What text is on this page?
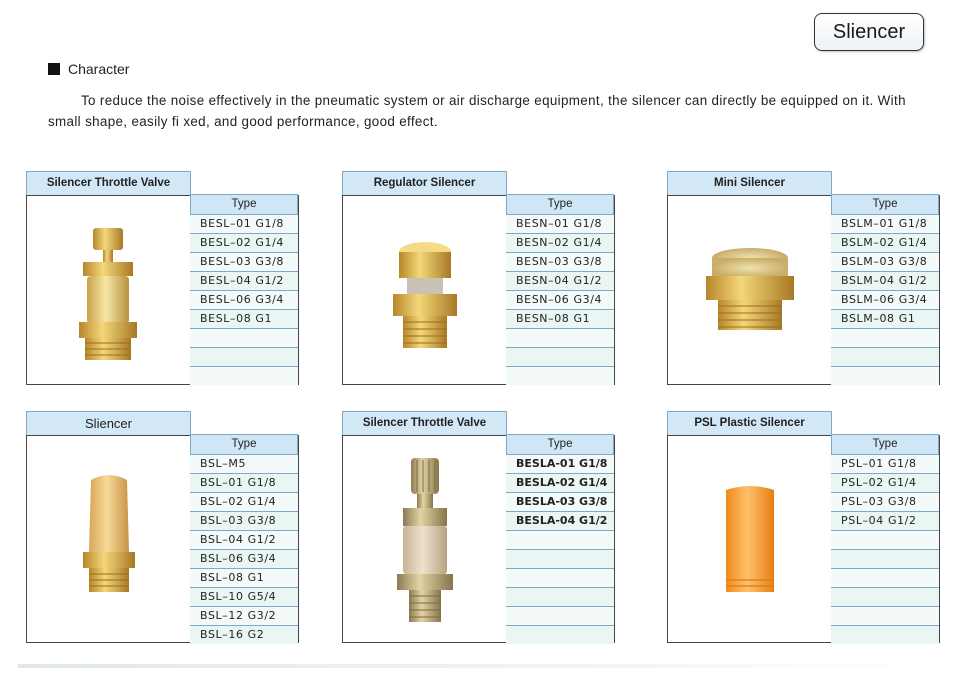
Sliencer
Character
To reduce the noise effectively in the pneumatic system or air discharge equipment, the silencer can directly be equipped on it. With small shape, easily fi xed, and good performance, good effect.
Silencer Throttle Valve
Type
BESL–01 G1/8
BESL–02 G1/4
BESL–03 G3/8
BESL–04 G1/2
BESL–06 G3/4
BESL–08 G1
Regulator Silencer
Type
BESN–01 G1/8
BESN–02 G1/4
BESN–03 G3/8
BESN–04 G1/2
BESN–06 G3/4
BESN–08 G1
Mini Silencer
Type
BSLM–01 G1/8
BSLM–02 G1/4
BSLM–03 G3/8
BSLM–04 G1/2
BSLM–06 G3/4
BSLM–08 G1
Sliencer
Type
BSL–M5
BSL–01 G1/8
BSL–02 G1/4
BSL–03 G3/8
BSL–04 G1/2
BSL–06 G3/4
BSL–08 G1
BSL–10 G5/4
BSL–12 G3/2
BSL–16 G2
Silencer Throttle Valve
Type
BESLA-01 G1/8
BESLA-02 G1/4
BESLA-03 G3/8
BESLA-04 G1/2
PSL Plastic Silencer
Type
PSL–01 G1/8
PSL–02 G1/4
PSL–03 G3/8
PSL–04 G1/2
